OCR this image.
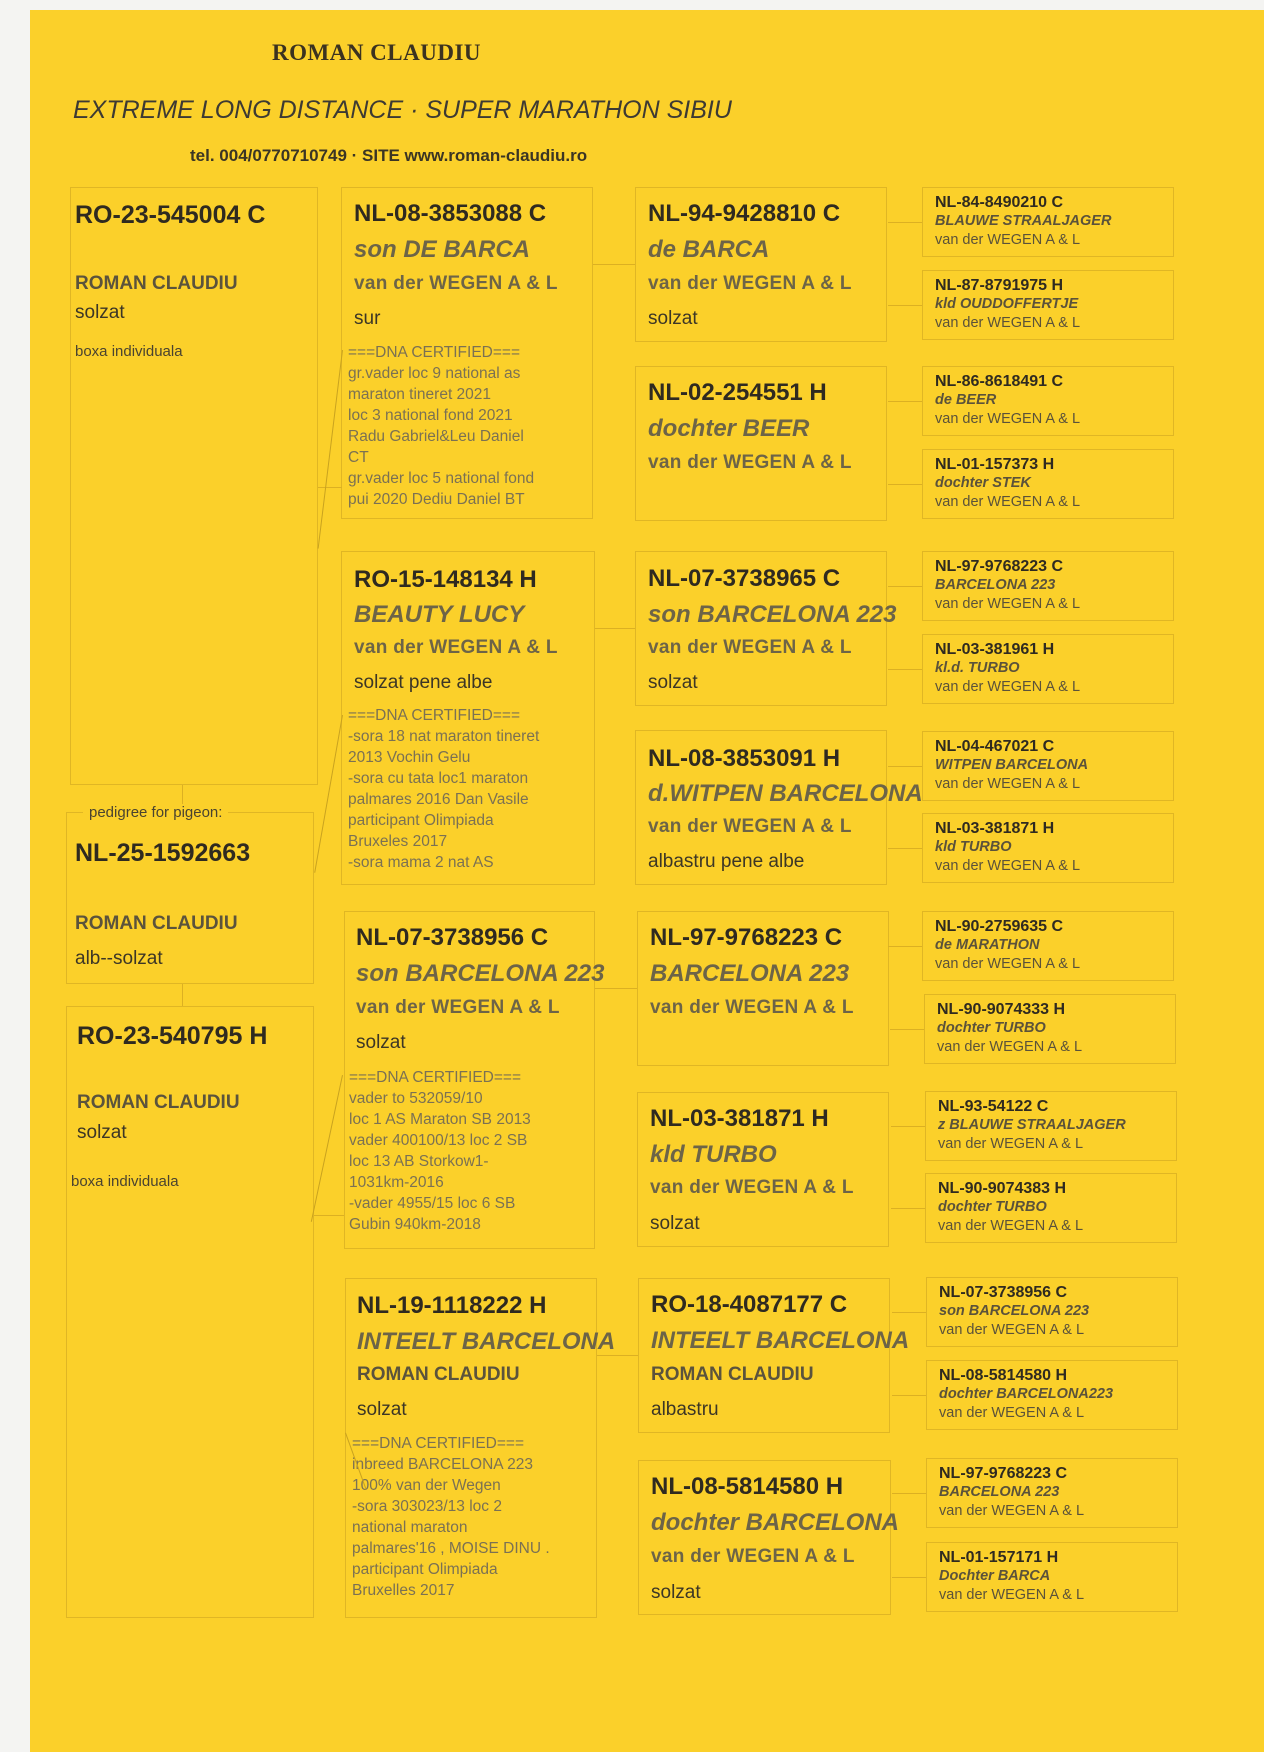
ROMAN CLAUDIU
EXTREME LONG DISTANCE · SUPER MARATHON SIBIU
tel. 004/0770710749 · SITE www.roman-claudiu.ro
RO-23-545004 C
ROMAN CLAUDIU
solzat
boxa individuala
pedigree for pigeon:
NL-25-1592663
ROMAN CLAUDIU
alb--solzat
RO-23-540795 H
ROMAN CLAUDIU
solzat
boxa individuala
NL-08-3853088 C
son DE BARCA
van der WEGEN A & L
sur
===DNA CERTIFIED===
gr.vader loc 9 national as
maraton tineret 2021
loc 3 national fond 2021
Radu Gabriel&Leu Daniel
CT
gr.vader loc 5 national fond
pui 2020 Dediu Daniel BT
RO-15-148134 H
BEAUTY LUCY
van der WEGEN A & L
solzat pene albe
===DNA CERTIFIED===
-sora 18 nat maraton tineret
2013 Vochin Gelu
-sora cu tata loc1 maraton
palmares 2016 Dan Vasile
participant Olimpiada
Bruxeles 2017
-sora mama 2 nat AS
NL-07-3738956 C
son BARCELONA 223
van der WEGEN A & L
solzat
===DNA CERTIFIED===
vader to 532059/10
loc 1 AS Maraton SB 2013
vader 400100/13 loc 2 SB
loc 13 AB Storkow1-
1031km-2016
-vader 4955/15 loc 6 SB
Gubin 940km-2018
NL-19-1118222 H
INTEELT BARCELONA
ROMAN CLAUDIU
solzat
===DNA CERTIFIED===
inbreed BARCELONA 223
100% van der Wegen
-sora 303023/13 loc 2
national maraton
palmares'16 , MOISE DINU .
participant Olimpiada
Bruxelles 2017
NL-94-9428810 C
de BARCA
van der WEGEN A & L
solzat
NL-02-254551 H
dochter BEER
van der WEGEN A & L
NL-07-3738965 C
son BARCELONA 223
van der WEGEN A & L
solzat
NL-08-3853091 H
d.WITPEN BARCELONA
van der WEGEN A & L
albastru pene albe
NL-97-9768223 C
BARCELONA 223
van der WEGEN A & L
NL-03-381871 H
kld TURBO
van der WEGEN A & L
solzat
RO-18-4087177 C
INTEELT BARCELONA
ROMAN CLAUDIU
albastru
NL-08-5814580 H
dochter BARCELONA
van der WEGEN A & L
solzat
NL-84-8490210 C
BLAUWE STRAALJAGER
van der WEGEN A & L
NL-87-8791975 H
kld OUDDOFFERTJE
van der WEGEN A & L
NL-86-8618491 C
de BEER
van der WEGEN A & L
NL-01-157373 H
dochter STEK
van der WEGEN A & L
NL-97-9768223 C
BARCELONA 223
van der WEGEN A & L
NL-03-381961 H
kl.d. TURBO
van der WEGEN A & L
NL-04-467021 C
WITPEN BARCELONA
van der WEGEN A & L
NL-03-381871 H
kld TURBO
van der WEGEN A & L
NL-90-2759635 C
de MARATHON
van der WEGEN A & L
NL-90-9074333 H
dochter TURBO
van der WEGEN A & L
NL-93-54122 C
z BLAUWE STRAALJAGER
van der WEGEN A & L
NL-90-9074383 H
dochter TURBO
van der WEGEN A & L
NL-07-3738956 C
son BARCELONA 223
van der WEGEN A & L
NL-08-5814580 H
dochter BARCELONA223
van der WEGEN A & L
NL-97-9768223 C
BARCELONA 223
van der WEGEN A & L
NL-01-157171 H
Dochter BARCA
van der WEGEN A & L
